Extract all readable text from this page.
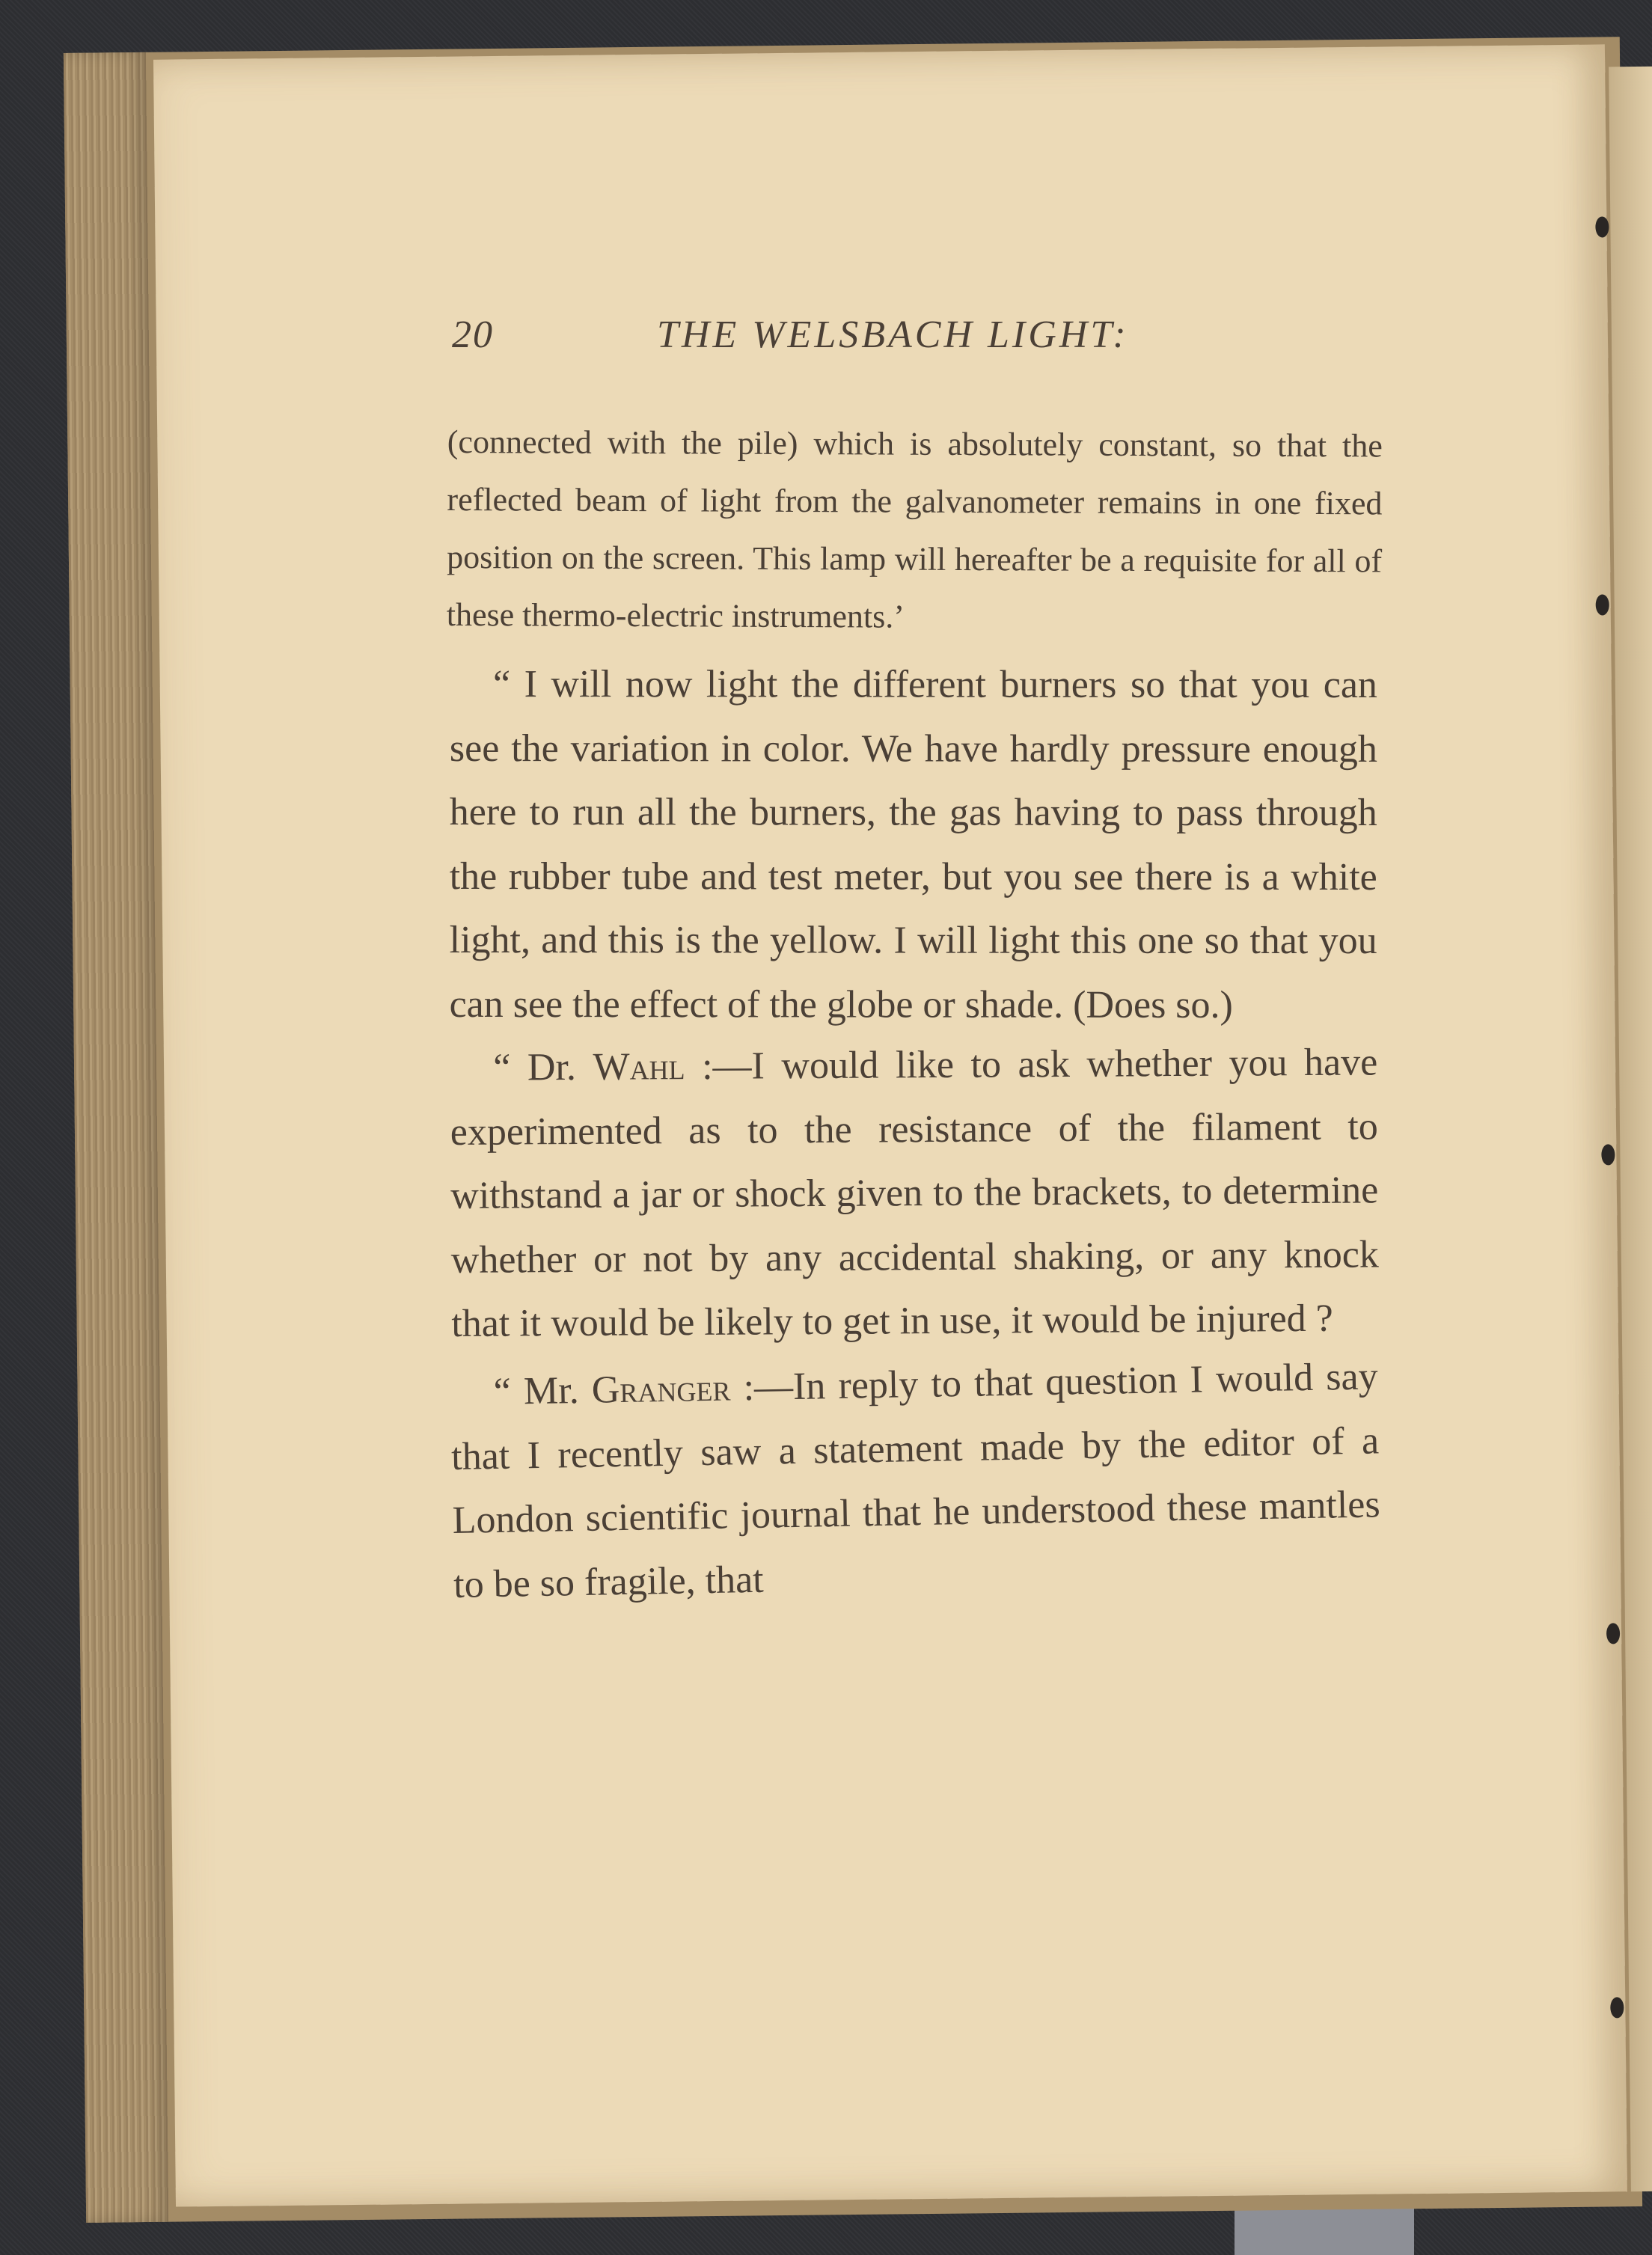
20	THE WELSBACH LIGHT:

(connected with the pile) which is absolutely constant, so that the reflected beam of light from the galvanometer remains in one fixed position on the screen. This lamp will hereafter be a requisite for all of these thermo-electric instruments.’

“ I will now light the different burners so that you can see the variation in color. We have hardly pressure enough here to run all the burners, the gas having to pass through the rubber tube and test meter, but you see there is a white light, and this is the yellow. I will light this one so that you can see the effect of the globe or shade. (Does so.)

“ Dr. Wahl :—I would like to ask whether you have experimented as to the resistance of the filament to withstand a jar or shock given to the brackets, to determine whether or not by any accidental shaking, or any knock that it would be likely to get in use, it would be injured ?

“ Mr. Granger :—In reply to that question I would say that I recently saw a statement made by the editor of a London scientific journal that he understood these mantles to be so fragile, that
